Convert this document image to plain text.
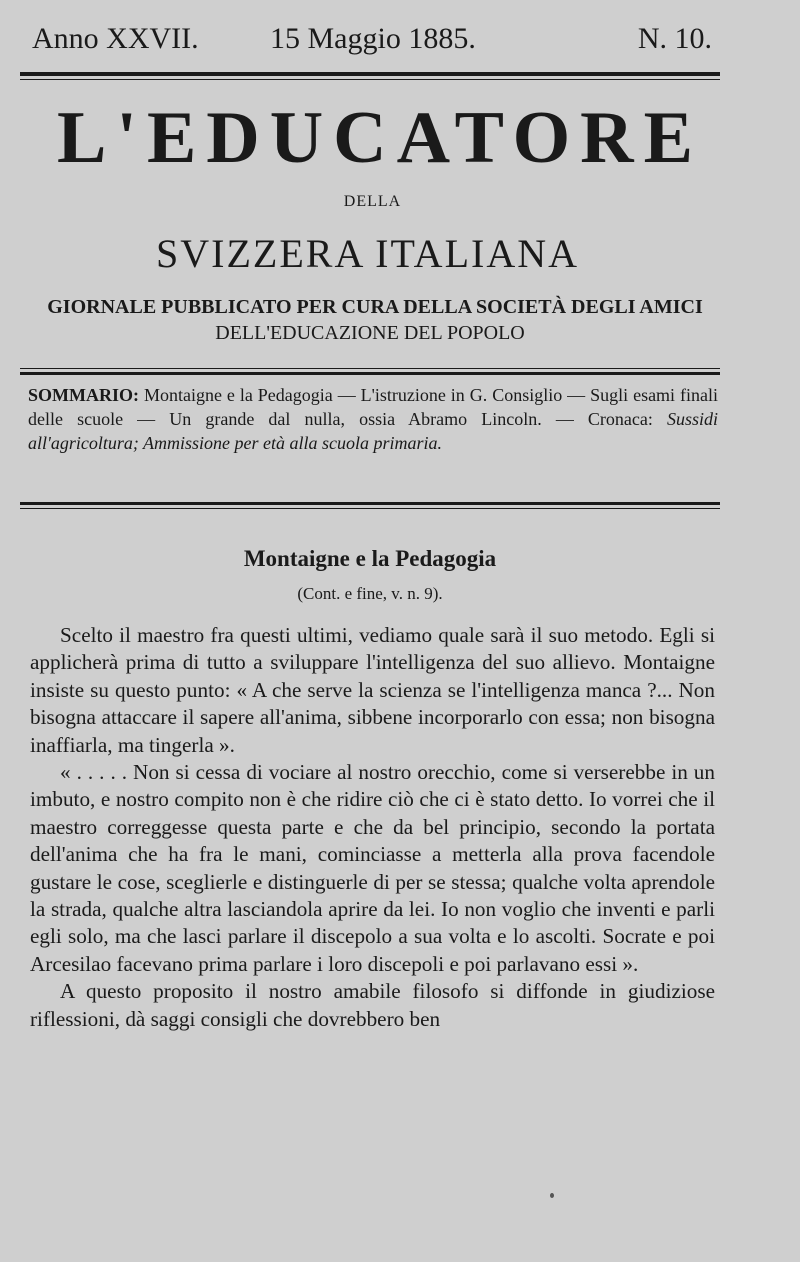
Anno XXVII. 15 Maggio 1885.	N. 10.
L'EDUCATORE
DELLA
SVIZZERA ITALIANA
GIORNALE PUBBLICATO PER CURA DELLA SOCIETÀ DEGLI AMICI
DELL'EDUCAZIONE DEL POPOLO
SOMMARIO: Montaigne e la Pedagogia — L'istruzione in G. Consiglio — Sugli esami finali delle scuole — Un grande dal nulla, ossia Abramo Lincoln. — Cronaca: Sussidi all'agricoltura; Ammissione per età alla scuola primaria.
Montaigne e la Pedagogia
(Cont. e fine, v. n. 9).

Scelto il maestro fra questi ultimi, vediamo quale sarà il suo metodo. Egli si applicherà prima di tutto a sviluppare l'intelligenza del suo allievo. Montaigne insiste su questo punto: « A che serve la scienza se l'intelligenza manca ?... Non bisogna attaccare il sapere all'anima, sibbene incorporarlo con essa; non bisogna inaffiarla, ma tingerla ».

« . . . . . Non si cessa di vociare al nostro orecchio, come si verserebbe in un imbuto, e nostro compito non è che ridire ciò che ci è stato detto. Io vorrei che il maestro correggesse questa parte e che da bel principio, secondo la portata dell'anima che ha fra le mani, cominciasse a metterla alla prova facendole gustare le cose, sceglierle e distinguerle di per se stessa; qualche volta aprendole la strada, qualche altra lasciandola aprire da lei. Io non voglio che inventi e parli egli solo, ma che lasci parlare il discepolo a sua volta e lo ascolti. Socrate e poi Arcesilao facevano prima parlare i loro discepoli e poi parlavano essi ».

A questo proposito il nostro amabile filosofo si diffonde in giudiziose riflessioni, dà saggi consigli che dovrebbero ben
